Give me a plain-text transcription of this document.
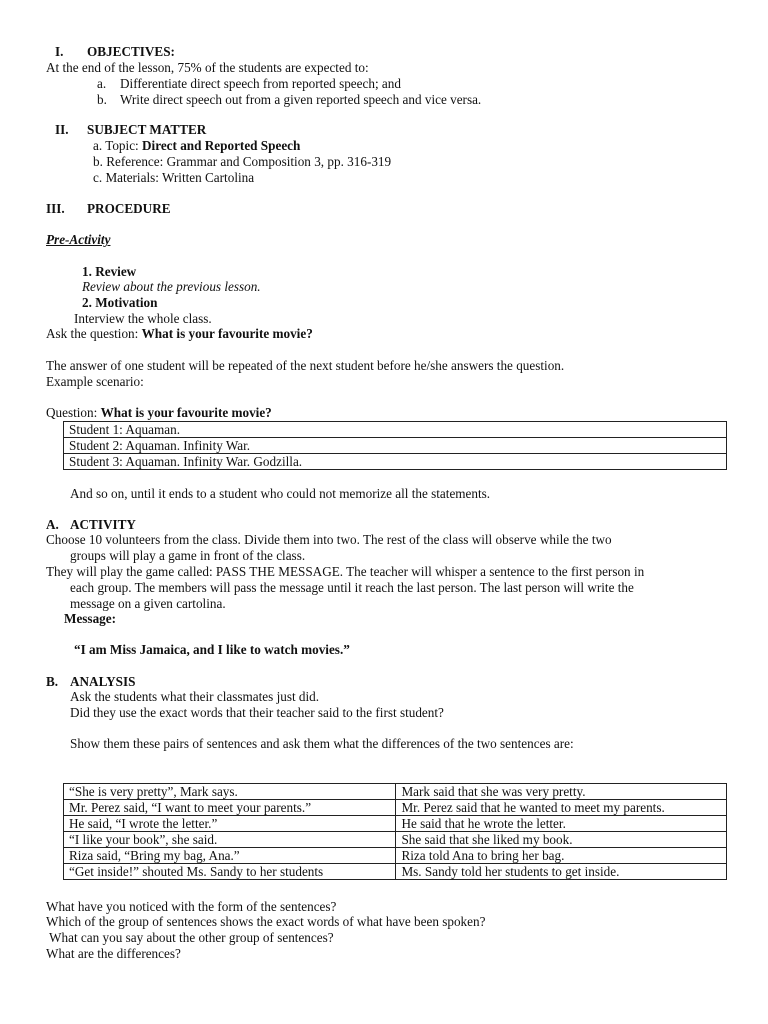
I. OBJECTIVES:
At the end of the lesson, 75% of the students are expected to:
a. Differentiate direct speech from reported speech; and
b. Write direct speech out from a given reported speech and vice versa.
II. SUBJECT MATTER
a. Topic: Direct and Reported Speech
b. Reference: Grammar and Composition 3, pp. 316-319
c. Materials: Written Cartolina
III. PROCEDURE
Pre-Activity
1. Review
Review about the previous lesson.
2. Motivation
Interview the whole class.
Ask the question: What is your favourite movie?
The answer of one student will be repeated of the next student before he/she answers the question.
Example scenario:
Question: What is your favourite movie?
Student 1: Aquaman.
Student 2: Aquaman. Infinity War.
Student 3: Aquaman. Infinity War. Godzilla.
And so on, until it ends to a student who could not memorize all the statements.
A. ACTIVITY
Choose 10 volunteers from the class. Divide them into two. The rest of the class will observe while the two
groups will play a game in front of the class.
They will play the game called: PASS THE MESSAGE. The teacher will whisper a sentence to the first person in
each group. The members will pass the message until it reach the last person. The last person will write the
message on a given cartolina.
Message:
“I am Miss Jamaica, and I like to watch movies.”
B. ANALYSIS
Ask the students what their classmates just did.
Did they use the exact words that their teacher said to the first student?
Show them these pairs of sentences and ask them what the differences of the two sentences are:
“She is very pretty”, Mark says.	Mark said that she was very pretty.
Mr. Perez said, “I want to meet your parents.”	Mr. Perez said that he wanted to meet my parents.
He said, “I wrote the letter.”	He said that he wrote the letter.
“I like your book”, she said.	She said that she liked my book.
Riza said, “Bring my bag, Ana.”	Riza told Ana to bring her bag.
“Get inside!” shouted Ms. Sandy to her students	Ms. Sandy told her students to get inside.
What have you noticed with the form of the sentences?
Which of the group of sentences shows the exact words of what have been spoken?
What can you say about the other group of sentences?
What are the differences?
